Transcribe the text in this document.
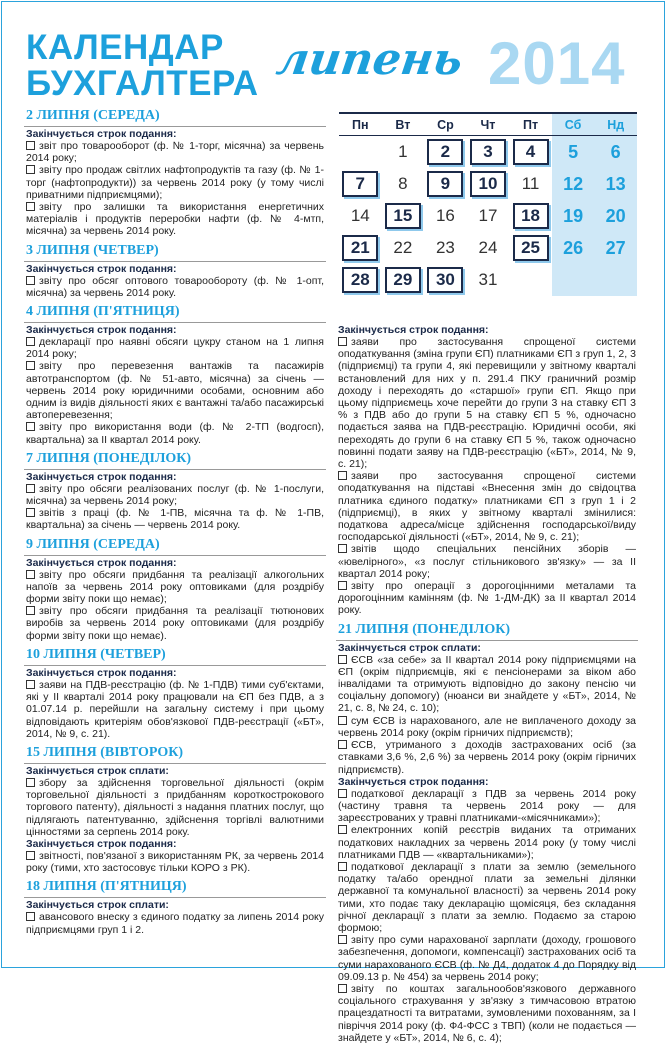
КАЛЕНДАР
БУХГАЛТЕРА липень 2014
Пн	Вт	Ср	Чт	Пт	Сб	Нд
	1	2	3	4	5	6
7	8	9	10	11	12	13
14	15	16	17	18	19	20
21	22	23	24	25	26	27
28	29	30	31			
2 ЛИПНЯ (СЕРЕДА)
Закінчується строк подання:

звіт про товарооборот (ф. № 1-торг, місячна) за червень 2014 року;

звіту про продаж світлих нафтопродуктів та газу (ф. № 1-торг (нафтопродукти)) за червень 2014 року (у тому числі приватними підприємцями);

звіту про залишки та використання енергетичних матеріалів і продуктів переробки нафти (ф. № 4-мтп, місячна) за червень 2014 року.

3 ЛИПНЯ (ЧЕТВЕР)
Закінчується строк подання:

звіту про обсяг оптового товарообороту (ф. № 1-опт, місячна) за червень 2014 року.

4 ЛИПНЯ (П'ЯТНИЦЯ)
Закінчується строк подання:

декларації про наявні обсяги цукру станом на 1 липня 2014 року;

звіту про перевезення вантажів та пасажирів автотранспортом (ф. № 51-авто, місячна) за січень — червень 2014 року юридичними особами, основним або одним із видів діяльності яких є вантажні та/або пасажирські автоперевезення;

звіту про використання води (ф. № 2-ТП (водгосп), квартальна) за II квартал 2014 року.

7 ЛИПНЯ (ПОНЕДІЛОК)
Закінчується строк подання:

звіту про обсяги реалізованих послуг (ф. № 1-послуги, місячна) за червень 2014 року;

звітів з праці (ф. № 1-ПВ, місячна та ф. № 1-ПВ, квартальна) за січень — червень 2014 року.

9 ЛИПНЯ (СЕРЕДА)
Закінчується строк подання:

звіту про обсяги придбання та реалізації алкогольних напоїв за червень 2014 року оптовиками (для роздрібу форми звіту поки що немає);

звіту про обсяги придбання та реалізації тютюнових виробів за червень 2014 року оптовиками (для роздрібу форми звіту поки що немає).

10 ЛИПНЯ (ЧЕТВЕР)
Закінчується строк подання:

заяви на ПДВ-реєстрацію (ф. № 1-ПДВ) тими суб'єктами, які у II кварталі 2014 року працювали на ЄП без ПДВ, а з 01.07.14 р. перейшли на загальну систему і при цьому відповідають критеріям обов'язкової ПДВ-реєстрації («БТ», 2014, № 9, с. 21).

15 ЛИПНЯ (ВІВТОРОК)
Закінчується строк сплати:

збору за здійснення торговельної діяльності (окрім торговельної діяльності з придбанням короткострокового торгового патенту), діяльності з надання платних послуг, що підлягають патентуванню, здійснення торгівлі валютними цінностями за серпень 2014 року.

Закінчується строк подання:

звітності, пов'язаної з використанням РК, за червень 2014 року (тими, хто застосовує тільки КОРО з РК).

18 ЛИПНЯ (П'ЯТНИЦЯ)
Закінчується строк сплати:

авансового внеску з єдиного податку за липень 2014 року підприємцями груп 1 і 2.

Закінчується строк подання:

заяви про застосування спрощеної системи оподаткування (зміна групи ЄП) платниками ЄП з груп 1, 2, 3 (підприємці) та групи 4, які перевищили у звітному кварталі встановлений для них у п. 291.4 ПКУ граничний розмір доходу і переходять до «старшої» групи ЄП. Якщо при цьому підприємець хоче перейти до групи 3 на ставку ЄП 3 % з ПДВ або до групи 5 на ставку ЄП 5 %, одночасно подається заява на ПДВ-реєстрацію. Юридичні особи, які переходять до групи 6 на ставку ЄП 5 %, також одночасно повинні подати заяву на ПДВ-реєстрацію («БТ», 2014, № 9, с. 21);

заяви про застосування спрощеної системи оподаткування на підставі «Внесення змін до свідоцтва платника єдиного податку» платниками ЄП з груп 1 і 2 (підприємці), в яких у звітному кварталі змінилися: податкова адреса/місце здійснення господарської/виду господарської діяльності («БТ», 2014, № 9, с. 21);

звітів щодо спеціальних пенсійних зборів — «ювелірного», «з послуг стільникового зв'язку» — за II квартал 2014 року;

звіту про операції з дорогоцінними металами та дорогоцінним камінням (ф. № 1-ДМ-ДК) за II квартал 2014 року.

21 ЛИПНЯ (ПОНЕДІЛОК)
Закінчується строк сплати:

ЄСВ «за себе» за II квартал 2014 року підприємцями на ЄП (окрім підприємців, які є пенсіонерами за віком або інвалідами та отримують відповідно до закону пенсію чи соціальну допомогу) (нюанси ви знайдете у «БТ», 2014, № 21, с. 8, № 24, с. 10);

сум ЄСВ із нарахованого, але не виплаченого доходу за червень 2014 року (окрім гірничих підприємств);

ЄСВ, утриманого з доходів застрахованих осіб (за ставками 3,6 %, 2,6 %) за червень 2014 року (окрім гірничих підприємств).

Закінчується строк подання:

податкової декларації з ПДВ за червень 2014 року (частину травня та червень 2014 року — для зареєстрованих у травні платниками-«місячниками»);

електронних копій реєстрів виданих та отриманих податкових накладних за червень 2014 року (у тому числі платниками ПДВ — «квартальниками»);

податкової декларації з плати за землю (земельного податку та/або орендної плати за земельні ділянки державної та комунальної власності) за червень 2014 року тими, хто подає таку декларацію щомісяця, без складання річної декларації з плати за землю. Подаємо за старою формою;

звіту про суми нарахованої зарплати (доходу, грошового забезпечення, допомоги, компенсації) застрахованих осіб та суми нарахованого ЄСВ (ф. № Д4, додаток 4 до Порядку від 09.09.13 р. № 454) за червень 2014 року;

звіту по коштах загальнообов'язкового державного соціального страхування у зв'язку з тимчасовою втратою працездатності та витратами, зумовленими похованням, за I півріччя 2014 року (ф. Ф4-ФСС з ТВП) (коли не подається — знайдете у «БТ», 2014, № 6, с. 4);
